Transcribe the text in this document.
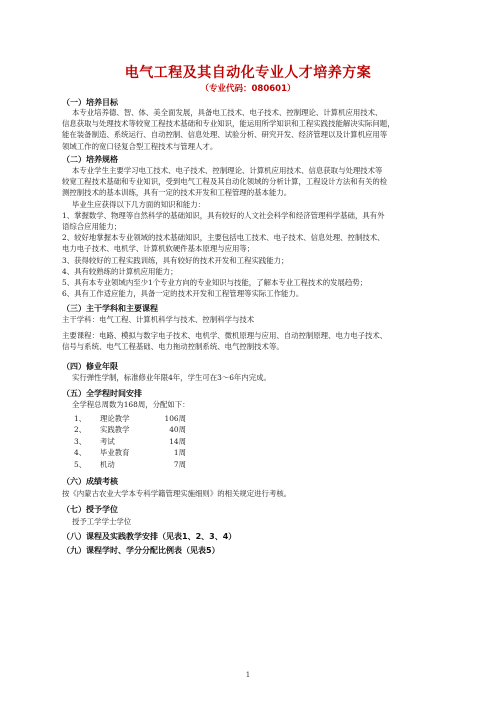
电气工程及其自动化专业人才培养方案
（专业代码：080601）
（一）培养目标
本专业培养德、智、体、美全面发展，具备电工技术、电子技术、控制理论、计算机应用技术、
信息获取与处理技术等较宽工程技术基础和专业知识，能运用所学知识和工程实践技能解决实际问题，
能在装备制造、系统运行、自动控制、信息处理、试验分析、研究开发、经济管理以及计算机应用等
领域工作的宽口径复合型工程技术与管理人才。
（二）培养规格
本专业学生主要学习电工技术、电子技术、控制理论、计算机应用技术、信息获取与处理技术等
较宽工程技术基础和专业知识，受到电气工程及其自动化领域的分析计算，工程设计方法和有关的检
测控制技术的基本训练，具有一定的技术开发和工程管理的基本能力。
毕业生应获得以下几方面的知识和能力：
1、掌握数学、物理等自然科学的基础知识，具有较好的人文社会科学和经济管理科学基础，具有外
语综合应用能力；
2、较好地掌握本专业领域的技术基础知识，主要包括电工技术、电子技术、信息处理、控制技术、
电力电子技术、电机学、计算机软硬件基本原理与应用等；
3、获得较好的工程实践训练，具有较好的技术开发和工程实践能力；
4、具有较熟练的计算机应用能力；
5、具有本专业领域内至少1个专业方向的专业知识与技能，了解本专业工程技术的发展趋势；
6、具有工作适应能力，具备一定的技术开发和工程管理等实际工作能力。
（三）主干学科和主要课程
主干学科：电气工程、计算机科学与技术、控制科学与技术
主要课程：电路、模拟与数字电子技术、电机学、微机原理与应用、自动控制原理、电力电子技术、
信号与系统、电气工程基础、电力拖动控制系统、电气控制技术等。
（四）修业年限
实行弹性学制，标准修业年限4年，学生可在3～6年内完成。
（五）全学程时间安排
全学程总周数为168周，分配如下：
1、 理论教学	106周
2、 实践教学	40周
3、 考试	14周
4、 毕业教育	1周
5、 机动	7周
（六）成绩考核
按《内蒙古农业大学本专科学籍管理实施细则》的相关规定进行考核。
（七）授予学位
授予工学学士学位
（八）课程及实践教学安排（见表1、2、3、4）
（九）课程学时、学分分配比例表（见表5）
1
